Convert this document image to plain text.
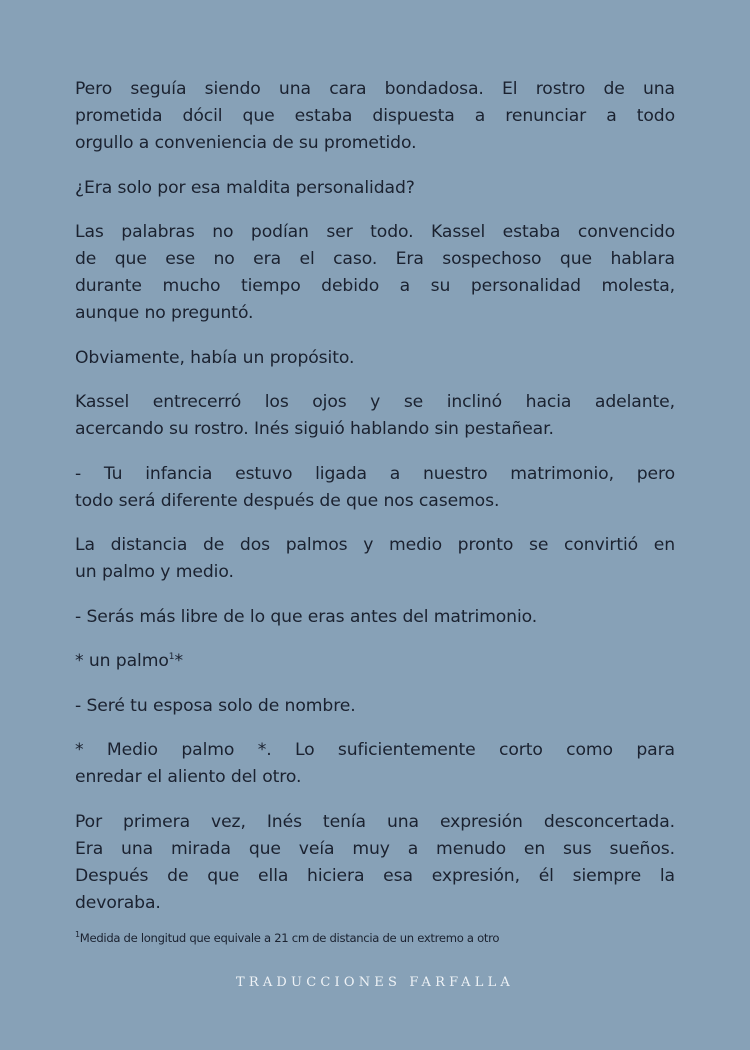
Pero seguía siendo una cara bondadosa. El rostro de una
prometida dócil que estaba dispuesta a renunciar a todo
orgullo a conveniencia de su prometido.
¿Era solo por esa maldita personalidad?
Las palabras no podían ser todo. Kassel estaba convencido
de que ese no era el caso. Era sospechoso que hablara
durante mucho tiempo debido a su personalidad molesta,
aunque no preguntó.
Obviamente, había un propósito.
Kassel entrecerró los ojos y se inclinó hacia adelante,
acercando su rostro. Inés siguió hablando sin pestañear.
- Tu infancia estuvo ligada a nuestro matrimonio, pero
todo será diferente después de que nos casemos.
La distancia de dos palmos y medio pronto se convirtió en
un palmo y medio.
- Serás más libre de lo que eras antes del matrimonio.
* un palmo$^1$*
- Seré tu esposa solo de nombre.
* Medio palmo *. Lo suficientemente corto como para
enredar el aliento del otro.
Por primera vez, Inés tenía una expresión desconcertada.
Era una mirada que veía muy a menudo en sus sueños.
Después de que ella hiciera esa expresión, él siempre la
devoraba.
$^1$Medida de longitud que equivale a 21 cm de distancia de un extremo a otro
TRADUCCIONES FARFALLA
